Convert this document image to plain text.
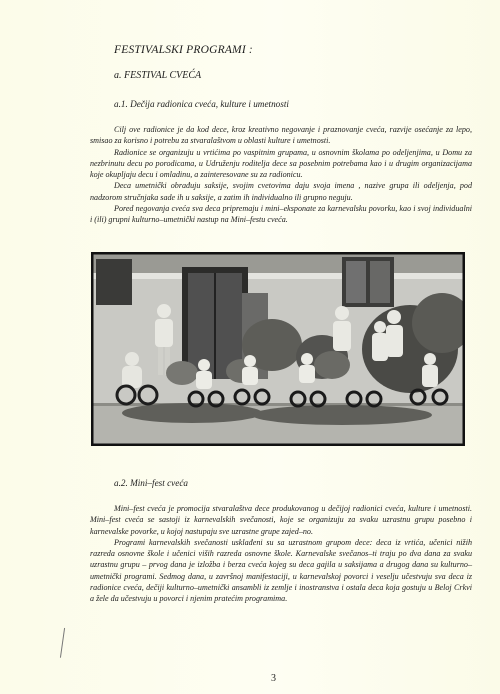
FESTIVALSKI PROGRAMI :
a. FESTIVAL CVEĆA
a.1. Dečija radionica cveća, kulture i umetnosti

Cilj ove radionice je da kod dece, kroz kreativno negovanje i praznovanje cveća, razvije osećanje za lepo, smisao za korisno i potrebu za stvaralaštvom u oblasti kulture i umetnosti.

Radionice se organizuju u vrtićima po vaspitnim grupama, u osnovnim školama po odeljenjima, u Domu za nezbrinutu decu po porodicama, u Udruženju roditelja dece sa posebnim potrebama kao i u drugim organizacijama koje okupljaju decu i omladinu, a zainteresovane su za radionicu.

Deca umetnički obrađuju saksije, svojim cvetovima daju svoja imena , nazive grupa ili odeljenja, pod nadzorom stručnjaka sade ih u saksije, a zatim ih individualno ili grupno neguju.

Pored negovanja cveća sva deca pripremaju i mini–eksponate za karnevalsku povorku, kao i svoj individualni i (ili) grupni kulturno–umetnički nastup na Mini–festu cveća.

a.2. Mini–fest cveća

Mini–fest cveća je promocija stvaralaštva dece produkovanog u dečijoj radionici cveća, kulture i umetnosti. Mini–fest cveća se sastoji iz karnevalskih svečanosti, koje se organizuju za svaku uzrastnu grupu posebno i karnevalske povorke, u kojoj nastupaju sve uzrastne grupe zajed–no.

Programi karnevalskih svečanosti usklađeni su sa uzrastnom grupom dece: deca iz vrtića, učenici nižih razreda osnovne škole i učenici viših razreda osnovne škole. Karnevalske svečanos–ti traju po dva dana za svaku uzrastnu grupu – prvog dana je izložba i berza cveća kojeg su deca gajila u saksijama a drugog dana su kulturno–umetnički programi. Sedmog dana, u završnoj manifestaciji, u karnevalskoj povorci i veselju učestvuju sva deca iz radionice cveća, dečiji kulturno–umetnički ansambli iz zemlje i inostranstva i ostala deca koja gostuju u Beloj Crkvi a žele da učestvuju u povorci i njenim pratećim programima.

3
